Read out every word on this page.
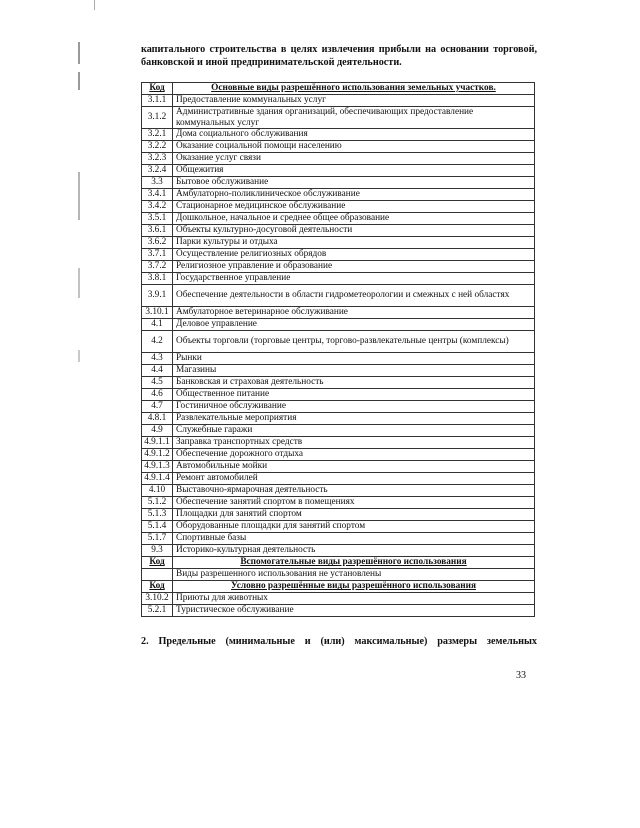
капитального строительства в целях извлечения прибыли на основании торговой, банковской и иной предпринимательской деятельности.
Код	Основные виды разрешённого использования земельных участков.
3.1.1	Предоставление коммунальных услуг
3.1.2	Административные здания организаций, обеспечивающих предоставление коммунальных услуг
3.2.1	Дома социального обслуживания
3.2.2	Оказание социальной помощи населению
3.2.3	Оказание услуг связи
3.2.4	Общежития
3.3	Бытовое обслуживание
3.4.1	Амбулаторно-поликлиническое обслуживание
3.4.2	Стационарное медицинское обслуживание
3.5.1	Дошкольное, начальное и среднее общее образование
3.6.1	Объекты культурно-досуговой деятельности
3.6.2	Парки культуры и отдыха
3.7.1	Осуществление религиозных обрядов
3.7.2	Религиозное управление и образование
3.8.1	Государственное управление
3.9.1	Обеспечение деятельности в области гидрометеорологии и смежных с ней областях
3.10.1	Амбулаторное ветеринарное обслуживание
4.1	Деловое управление
4.2	Объекты торговли (торговые центры, торгово-развлекательные центры (комплексы)
4.3	Рынки
4.4	Магазины
4.5	Банковская и страховая деятельность
4.6	Общественное питание
4.7	Гостиничное обслуживание
4.8.1	Развлекательные мероприятия
4.9	Служебные гаражи
4.9.1.1	Заправка транспортных средств
4.9.1.2	Обеспечение дорожного отдыха
4.9.1.3	Автомобильные мойки
4.9.1.4	Ремонт автомобилей
4.10	Выставочно-ярмарочная деятельность
5.1.2	Обеспечение занятий спортом в помещениях
5.1.3	Площадки для занятий спортом
5.1.4	Оборудованные площадки для занятий спортом
5.1.7	Спортивные базы
9.3	Историко-культурная деятельность
Код	Вспомогательные виды разрешённого использования
	Виды разрешенного использования не установлены
Код	Условно разрешённые виды разрешённого использования
3.10.2	Приюты для животных
5.2.1	Туристическое обслуживание
2. Предельные (минимальные и (или) максимальные) размеры земельных
33
